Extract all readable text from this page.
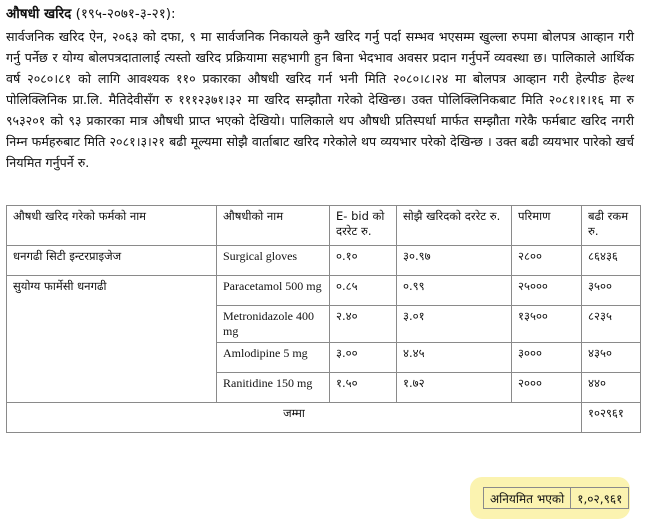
औषधी खरिद (१९५-२०७१-३-२१):
सार्वजनिक खरिद ऐन, २०६३ को दफा, ९ मा सार्वजनिक निकायले कुनै खरिद गर्नु पर्दा सम्भव भएसम्म खुल्ला रुपमा बोलपत्र आव्हान गरी गर्नु पर्नेछ र योग्य बोलपत्रदातालाई त्यस्तो खरिद प्रक्रियामा सहभागी हुन बिना भेदभाव अवसर प्रदान गर्नुपर्ने व्यवस्था छ। पालिकाले आर्थिक वर्ष २०८०।८१ को लागि आवश्यक ११० प्रकारका औषधी खरिद गर्न भनी मिति २०८०।८।२४ मा बोलपत्र आव्हान गरी हेल्पीङ हेल्थ पोलिक्लिनिक प्रा.लि. मैतिदेवीसँग रु १११२३७१।३२ मा खरिद सम्झौता गरेको देखिन्छ। उक्त पोलिक्लिनिकबाट मिति २०८१।१।१६ मा रु ९५३२०१ को ९३ प्रकारका मात्र औषधी प्राप्त भएको देखियो। पालिकाले थप औषधी प्रतिस्पर्धा मार्फत सम्झौता गरेकै फर्मबाट खरिद नगरी निम्न फर्महरुबाट मिति २०८१।३।२१ बढी मूल्यमा सोझै वार्ताबाट खरिद गरेकोले थप व्ययभार परेको देखिन्छ । उक्त बढी व्ययभार पारेको खर्च नियमित गर्नुपर्ने रु.
औषधी खरिद गरेको फर्मको नाम	औषधीको नाम	E- bid को दररेट रु.	सोझै खरिदको दररेट रु.	परिमाण	बढी रकम रु.
धनगढी सिटी इन्टरप्राइजेज	Surgical gloves	०.१०	३०.९७	२८००	८६४३६
सुयोग्य फार्मेसी धनगढी	Paracetamol 500 mg	०.८५	०.९९	२५०००	३५००
	Metronidazole 400 mg	२.४०	३.०१	१३५००	८२३५
	Amlodipine 5 mg	३.००	४.४५	३०००	४३५०
	Ranitidine 150 mg	१.५०	१.७२	२०००	४४०
जम्मा					१०२९६१
अनियमित भएको	१,०२,९६१
